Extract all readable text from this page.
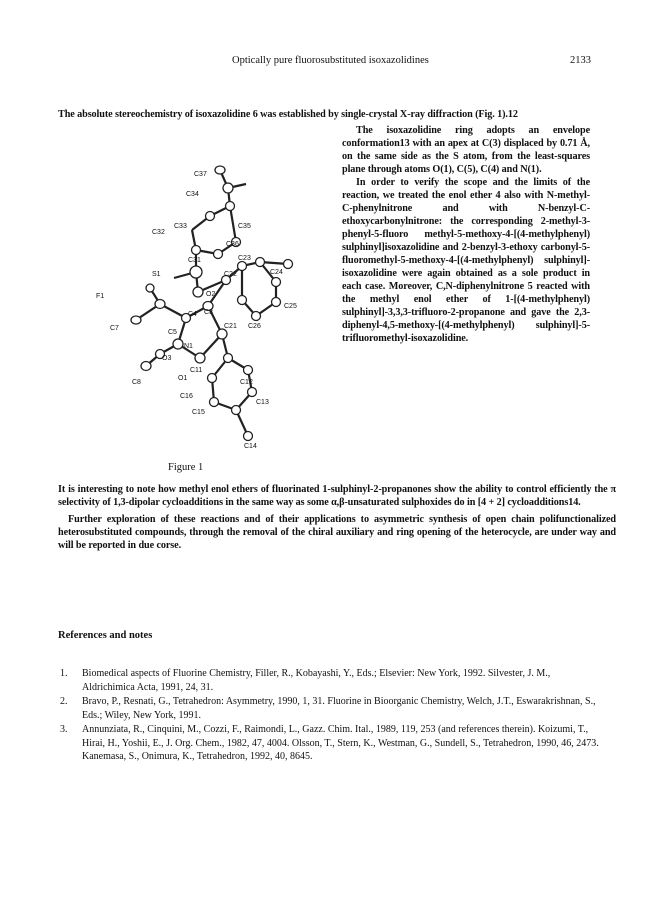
Optically pure fluorosubstituted isoxazolidines	2133
The absolute stereochemistry of isoxazolidine 6 was established by single-crystal X-ray diffraction (Fig. 1).12

The isoxazolidine ring adopts an envelope conformation13 with an apex at C(3) displaced by 0.71 Å, on the same side as the S atom, from the least-squares plane through atoms O(1), C(5), C(4) and N(1).

In order to verify the scope and the limits of the reaction, we treated the enol ether 4 also with N-methyl-C-phenylnitrone and with N-benzyl-C-ethoxycarbonylnitrone: the corresponding 2-methyl-3-phenyl-5-fluoro methyl-5-methoxy-4-[(4-methylphenyl) sulphinyl]isoxazolidine and 2-benzyl-3-ethoxy carbonyl-5-fluoromethyl-5-methoxy-4-[(4-methylphenyl) sulphinyl]-isoxazolidine were again obtained as a sole product in each case. Moreover, C,N-diphenylnitrone 5 reacted with the methyl enol ether of 1-[(4-methylphenyl) sulphinyl]-3,3,3-trifluoro-2-propanone and gave the 2,3-diphenyl-4,5-methoxy-[(4-methylphenyl) sulphinyl]-5-trifluoromethyl-isoxazolidine.

C37
C34
C32
C33	C35
C36
C31
S1
C23
C24
C22
F1	O2
C25
C4 C3
C21 C26
C7
C5
N1
O3
C8
O1
C11
C12
C16
C13
C15
C14
Figure 1

It is interesting to note how methyl enol ethers of fluorinated 1-sulphinyl-2-propanones show the ability to control efficiently the π selectivity of 1,3-dipolar cycloadditions in the same way as some α,β-unsaturated sulphoxides do in [4 + 2] cycloadditions14.

Further exploration of these reactions and of their applications to asymmetric synthesis of open chain polifunctionalized heterosubstituted compounds, through the removal of the chiral auxiliary and ring opening of the heterocycle, are under way and will be reported in due corse.

References and notes
1. Biomedical aspects of Fluorine Chemistry, Filler, R., Kobayashi, Y., Eds.; Elsevier: New York, 1992. Silvester, J. M., Aldrichimica Acta, 1991, 24, 31.
2. Bravo, P., Resnati, G., Tetrahedron: Asymmetry, 1990, 1, 31. Fluorine in Bioorganic Chemistry, Welch, J.T., Eswarakrishnan, S., Eds.; Wiley, New York, 1991.
3. Annunziata, R., Cinquini, M., Cozzi, F., Raimondi, L., Gazz. Chim. Ital., 1989, 119, 253 (and references therein). Koizumi, T., Hirai, H., Yoshii, E., J. Org. Chem., 1982, 47, 4004. Olsson, T., Stern, K., Westman, G., Sundell, S., Tetrahedron, 1990, 46, 2473. Kanemasa, S., Onimura, K., Tetrahedron, 1992, 40, 8645.
